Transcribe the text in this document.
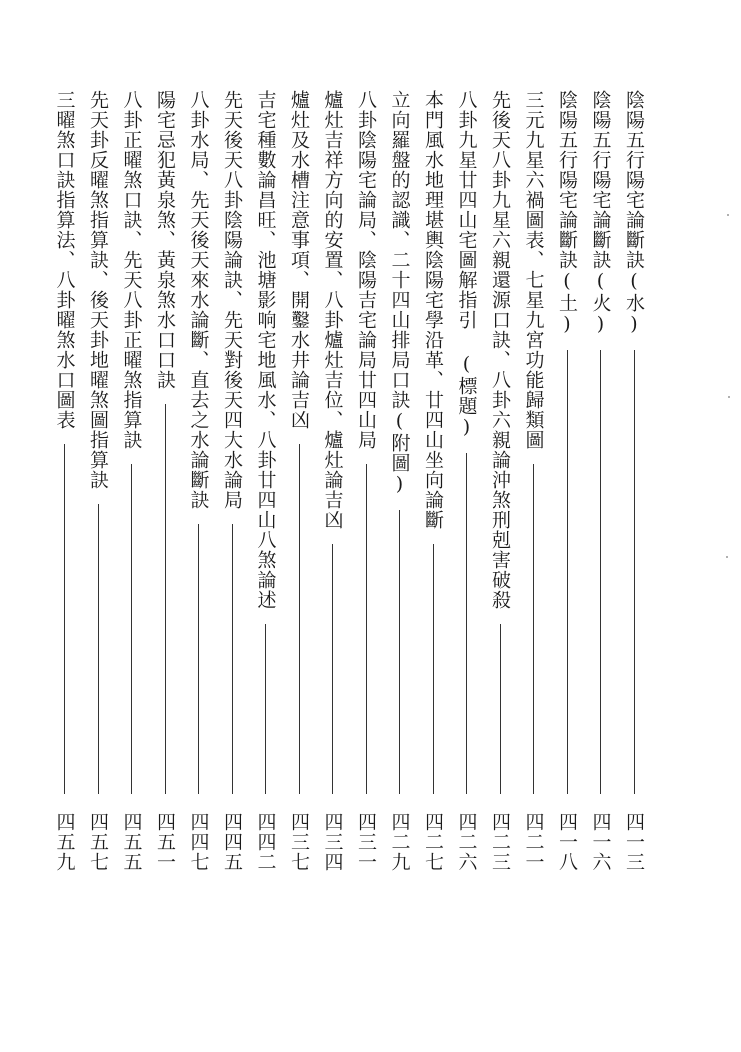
陰陽五行陽宅論斷訣(水)
四一三
陰陽五行陽宅論斷訣(火)
四一六
陰陽五行陽宅論斷訣(土)
四一八
三元九星六禍圖表、七星九宮功能歸類圖
四二一
先後天八卦九星六親還源口訣、八卦六親論沖煞刑剋害破殺
四二三
八卦九星廿四山宅圖解指引 (標題)
四二六
本門風水地理堪輿陰陽宅學沿革、廿四山坐向論斷
四二七
立向羅盤的認識、二十四山排局口訣(附圖)
四二九
八卦陰陽宅論局、陰陽吉宅論局廿四山局
四三一
爐灶吉祥方向的安置、八卦爐灶吉位、爐灶論吉凶
四三四
爐灶及水槽注意事項、開鑿水井論吉凶
四三七
吉宅種數論昌旺、池塘影响宅地風水、八卦廿四山八煞論述
四四二
先天後天八卦陰陽論訣、先天對後天四大水論局
四四五
八卦水局、先天後天來水論斷、直去之水論斷訣
四四七
陽宅忌犯黃泉煞、黃泉煞水口口訣
四五一
八卦正曜煞口訣、先天八卦正曜煞指算訣
四五五
先天卦反曜煞指算訣、後天卦地曜煞圖指算訣
四五七
三曜煞口訣指算法、八卦曜煞水口圖表
四五九
